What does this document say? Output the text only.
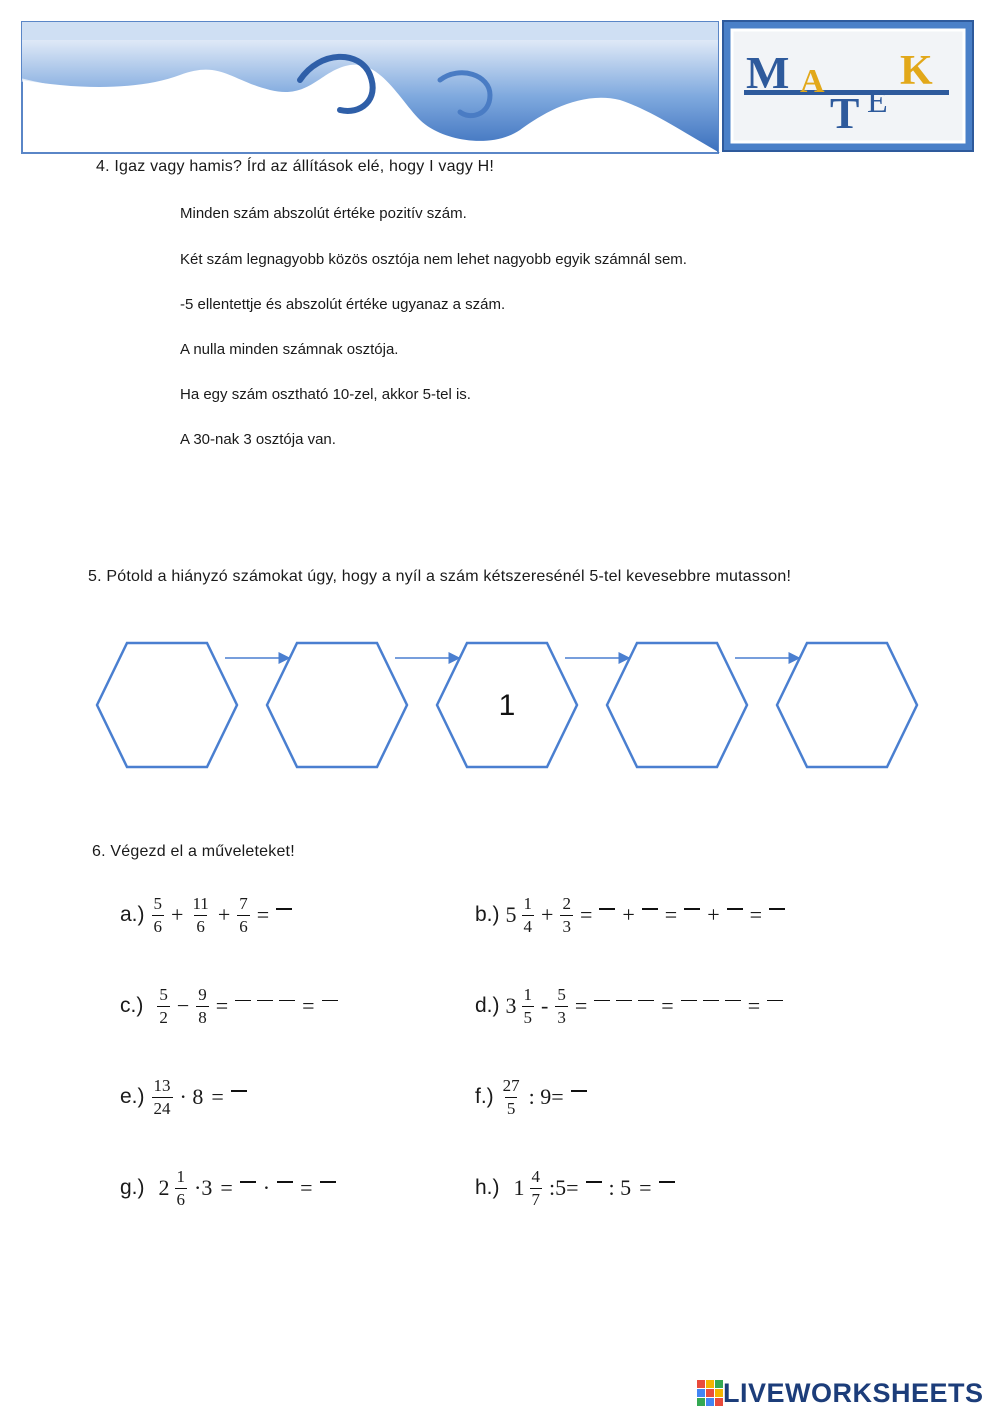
M A
T E
K
4. Igaz vagy hamis? Írd az állítások elé, hogy I vagy H!
Minden szám abszolút értéke pozitív szám.
Két szám legnagyobb közös osztója nem lehet nagyobb egyik számnál sem.
-5 ellentettje és abszolút értéke ugyanaz a szám.
A nulla minden számnak osztója.
Ha egy szám osztható 10-zel, akkor 5-tel is.
A 30-nak 3 osztója van.
5. Pótold a hiányzó számokat úgy, hogy a nyíl a szám kétszeresénél 5-tel kevesebbre mutasson!
1
6. Végezd el a műveleteket!
$a.) \frac{5}{6} + \frac{11}{6} + \frac{7}{6}$ =	b.) $5 \frac{1}{4} + \frac{2}{3}$ = + = + =
$c.) \frac{5}{2} - \frac{9}{8}$ =	=	d.) $3 \frac{1}{5} - \frac{5}{3}$ =	=	=
$e.) \frac{13}{24} \cdot 8$ =	$f.) \frac{27}{5}$ : 9=
g.) $2 \frac{1}{6} \cdot 3$ = · =	h.) $1 \frac{4}{7}$ :5= : 5 =
LIVEWORKSHEETS
